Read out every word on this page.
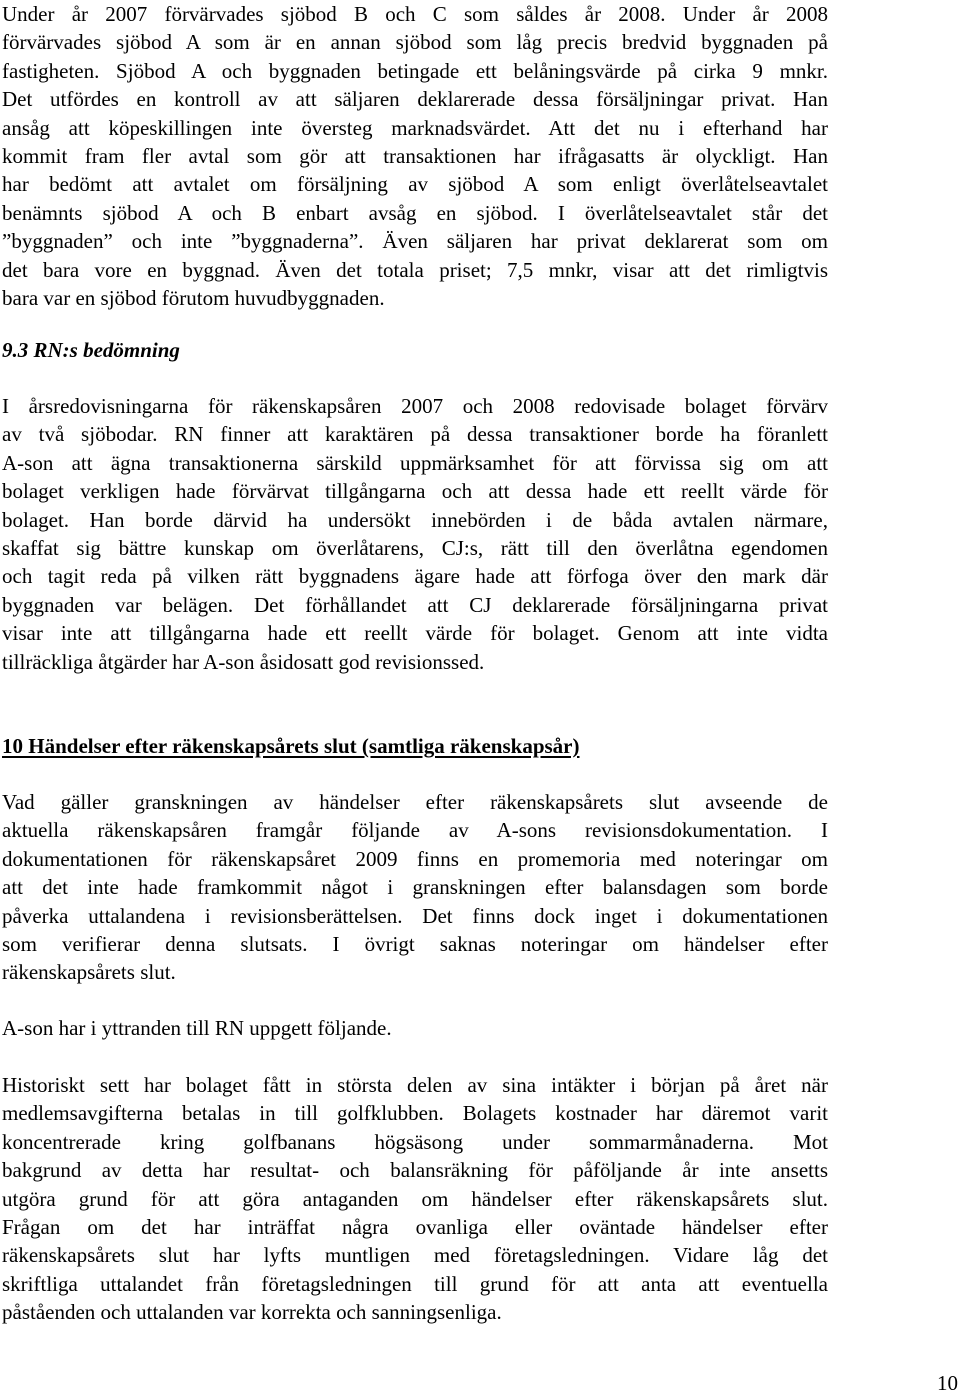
Under år 2007 förvärvades sjöbod B och C som såldes år 2008. Under år 2008
förvärvades sjöbod A som är en annan sjöbod som låg precis bredvid byggnaden på
fastigheten. Sjöbod A och byggnaden betingade ett belåningsvärde på cirka 9 mnkr.
Det utfördes en kontroll av att säljaren deklarerade dessa försäljningar privat. Han
ansåg att köpeskillingen inte översteg marknadsvärdet. Att det nu i efterhand har
kommit fram fler avtal som gör att transaktionen har ifrågasatts är olyckligt. Han
har bedömt att avtalet om försäljning av sjöbod A som enligt överlåtelseavtalet
benämnts sjöbod A och B enbart avsåg en sjöbod. I överlåtelseavtalet står det
”byggnaden” och inte ”byggnaderna”. Även säljaren har privat deklarerat som om
det bara vore en byggnad. Även det totala priset; 7,5 mnkr, visar att det rimligtvis
bara var en sjöbod förutom huvudbyggnaden.
9.3 RN:s bedömning
I årsredovisningarna för räkenskapsåren 2007 och 2008 redovisade bolaget förvärv
av två sjöbodar. RN finner att karaktären på dessa transaktioner borde ha föranlett
A-son att ägna transaktionerna särskild uppmärksamhet för att förvissa sig om att
bolaget verkligen hade förvärvat tillgångarna och att dessa hade ett reellt värde för
bolaget. Han borde därvid ha undersökt innebörden i de båda avtalen närmare,
skaffat sig bättre kunskap om överlåtarens, CJ:s, rätt till den överlåtna egendomen
och tagit reda på vilken rätt byggnadens ägare hade att förfoga över den mark där
byggnaden var belägen. Det förhållandet att CJ deklarerade försäljningarna privat
visar inte att tillgångarna hade ett reellt värde för bolaget. Genom att inte vidta
tillräckliga åtgärder har A-son åsidosatt god revisionssed.
10 Händelser efter räkenskapsårets slut (samtliga räkenskapsår)
Vad gäller granskningen av händelser efter räkenskapsårets slut avseende de
aktuella räkenskapsåren framgår följande av A-sons revisionsdokumentation. I
dokumentationen för räkenskapsåret 2009 finns en promemoria med noteringar om
att det inte hade framkommit något i granskningen efter balansdagen som borde
påverka uttalandena i revisionsberättelsen. Det finns dock inget i dokumentationen
som verifierar denna slutsats. I övrigt saknas noteringar om händelser efter
räkenskapsårets slut.
A-son har i yttranden till RN uppgett följande.
Historiskt sett har bolaget fått in största delen av sina intäkter i början på året när
medlemsavgifterna betalas in till golfklubben. Bolagets kostnader har däremot varit
koncentrerade kring golfbanans högsäsong under sommarmånaderna. Mot
bakgrund av detta har resultat- och balansräkning för påföljande år inte ansetts
utgöra grund för att göra antaganden om händelser efter räkenskapsårets slut.
Frågan om det har inträffat några ovanliga eller oväntade händelser efter
räkenskapsårets slut har lyfts muntligen med företagsledningen. Vidare låg det
skriftliga uttalandet från företagsledningen till grund för att anta att eventuella
påståenden och uttalanden var korrekta och sanningsenliga.
10
